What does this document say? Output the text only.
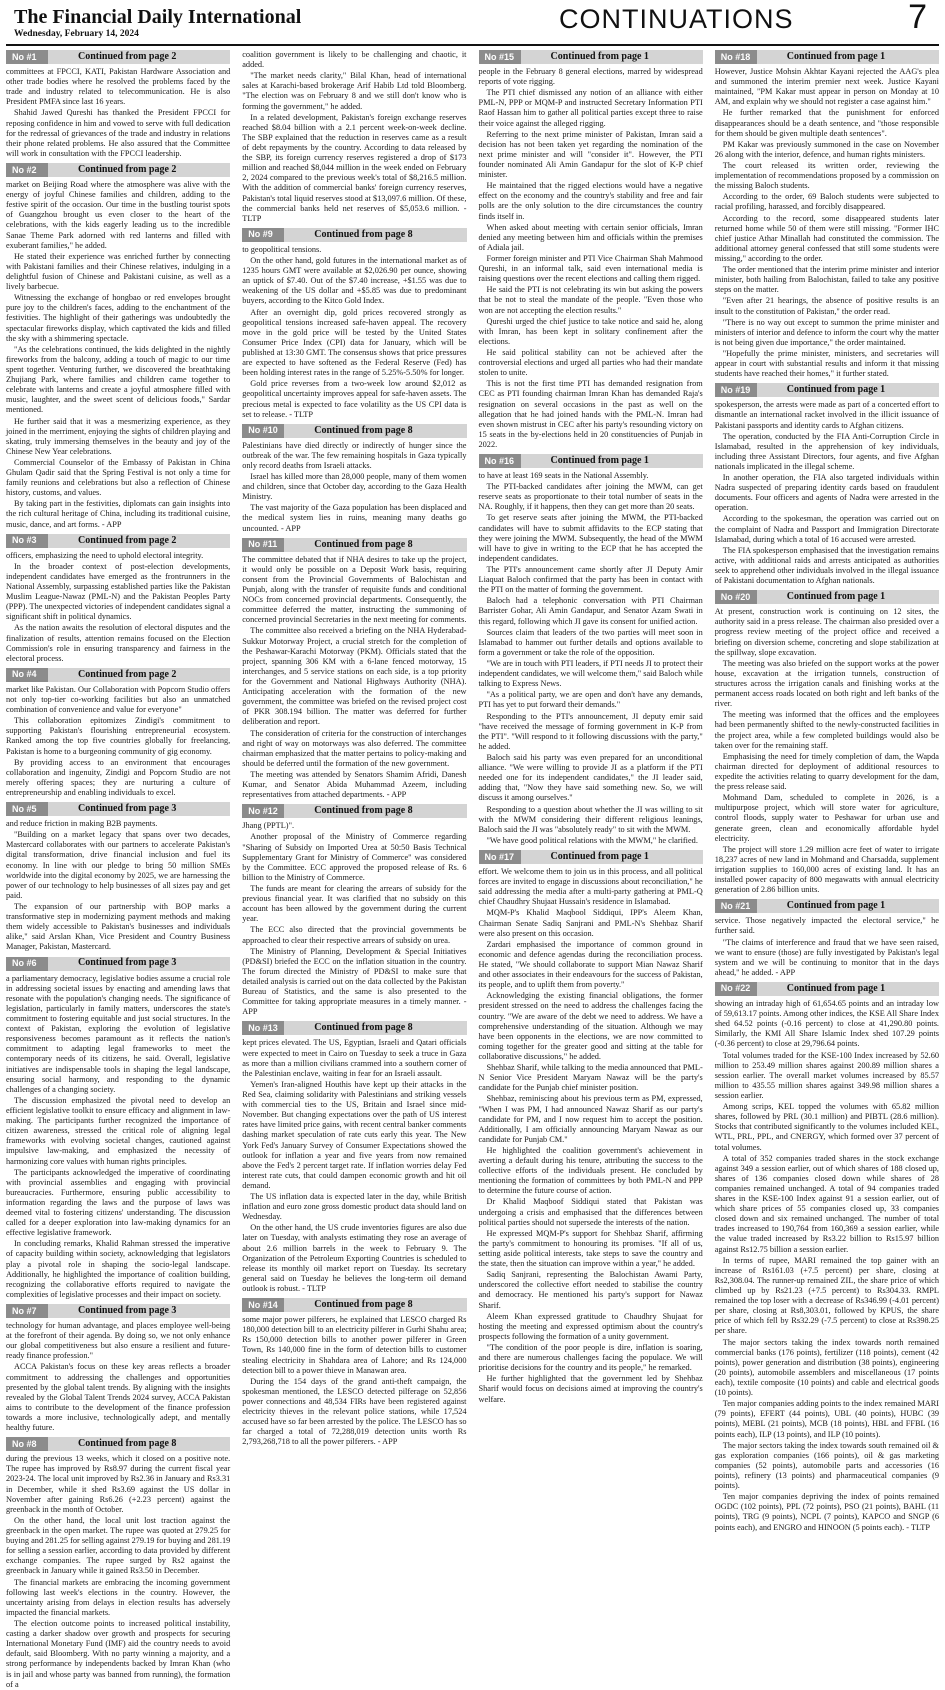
The Financial Daily International
Wednesday, February 14, 2024	CONTINUATIONS	7
No #1	Continued from page 2

committees at FPCCI, KATI, Pakistan Hardware Association and other trade bodies where he resolved the problems faced by the trade and industry related to telecommunication. He is also President PMFA since last 16 years.

Shahid Jawed Qureshi has thanked the President FPCCI for reposing confidence in him and vowed to serve with full dedication for the redressal of grievances of the trade and industry in relations their phone related problems. He also assured that the Committee will work in consultation with the FPCCI leadership.

No #2	Continued from page 2

market on Beijing Road where the atmosphere was alive with the energy of joyful Chinese families and children, adding to the festive spirit of the occasion. Our time in the bustling tourist spots of Guangzhou brought us even closer to the heart of the celebrations, with the kids eagerly leading us to the incredible Sanae Theme Park adorned with red lanterns and filled with exuberant families," he added.

He stated their experience was enriched further by connecting with Pakistani families and their Chinese relatives, indulging in a delightful fusion of Chinese and Pakistani cuisine, as well as a lively barbecue.

Witnessing the exchange of hongbao or red envelopes brought pure joy to the children's faces, adding to the enchantment of the festivities. The highlight of their gatherings was undoubtedly the spectacular fireworks display, which captivated the kids and filled the sky with a shimmering spectacle.

"As the celebrations continued, the kids delighted in the nightly fireworks from the balcony, adding a touch of magic to our time spent together. Venturing further, we discovered the breathtaking Zhujiang Park, where families and children came together to celebrate with lanterns and create a joyful atmosphere filled with music, laughter, and the sweet scent of delicious foods," Sardar mentioned.

He further said that it was a mesmerizing experience, as they joined in the merriment, enjoying the sights of children playing and skating, truly immersing themselves in the beauty and joy of the Chinese New Year celebrations.

Commercial Counselor of the Embassy of Pakistan in China Ghulam Qadir said that the Spring Festival is not only a time for family reunions and celebrations but also a reflection of Chinese history, customs, and values.

By taking part in the festivities, diplomats can gain insights into the rich cultural heritage of China, including its traditional cuisine, music, dance, and art forms. - APP

No #3	Continued from page 2

officers, emphasizing the need to uphold electoral integrity.

In the broader context of post-election developments, independent candidates have emerged as the frontrunners in the National Assembly, surpassing established parties like the Pakistan Muslim League-Nawaz (PML-N) and the Pakistan Peoples Party (PPP). The unexpected victories of independent candidates signal a significant shift in political dynamics.

As the nation awaits the resolution of electoral disputes and the finalization of results, attention remains focused on the Election Commission's role in ensuring transparency and fairness in the electoral process.

No #4	Continued from page 2

market like Pakistan. Our Collaboration with Popcorn Studio offers not only top-tier co-working facilities but also an unmatched combination of convenience and value for everyone"

This collaboration epitomizes Zindigi's commitment to supporting Pakistan's flourishing entrepreneurial ecosystem. Ranked among the top five countries globally for freelancing, Pakistan is home to a burgeoning community of gig economy.

By providing access to an environment that encourages collaboration and ingenuity, Zindigi and Popcorn Studio are not merely offering spaces; they are nurturing a culture of entrepreneurship and enabling individuals to excel.

No #5	Continued from page 3

and reduce friction in making B2B payments.

"Building on a market legacy that spans over two decades, Mastercard collaborates with our partners to accelerate Pakistan's digital transformation, drive financial inclusion and fuel its economy. In line with our pledge to bring 50 million SMEs worldwide into the digital economy by 2025, we are harnessing the power of our technology to help businesses of all sizes pay and get paid.

The expansion of our partnership with BOP marks a transformative step in modernizing payment methods and making them widely accessible to Pakistan's businesses and individuals alike," said Arslan Khan, Vice President and Country Business Manager, Pakistan, Mastercard.

No #6	Continued from page 3

a parliamentary democracy, legislative bodies assume a crucial role in addressing societal issues by enacting and amending laws that resonate with the population's changing needs. The significance of legislation, particularly in family matters, underscores the state's commitment to fostering equitable and just social structures. In the context of Pakistan, exploring the evolution of legislative responsiveness becomes paramount as it reflects the nation's commitment to adapting legal frameworks to meet the contemporary needs of its citizens, he said. Overall, legislative initiatives are indispensable tools in shaping the legal landscape, ensuring social harmony, and responding to the dynamic challenges of a changing society.

The discussion emphasized the pivotal need to develop an efficient legislative toolkit to ensure efficacy and alignment in law-making. The participants further recognized the importance of citizen awareness, stressed the critical role of aligning legal frameworks with evolving societal changes, cautioned against impulsive law-making, and emphasized the necessity of harmonizing core values with human rights principles.

The participants acknowledged the imperative of coordinating with provincial assemblies and engaging with provincial bureaucracies. Furthermore, ensuring public accessibility to information regarding the laws and the purpose of laws was deemed vital to fostering citizens' understanding. The discussion called for a deeper exploration into law-making dynamics for an effective legislative framework.

In concluding remarks, Khalid Rahman stressed the imperative of capacity building within society, acknowledging that legislators play a pivotal role in shaping the socio-legal landscape. Additionally, he highlighted the importance of coalition building, recognizing the collaborative efforts required to navigate the complexities of legislative processes and their impact on society.

No #7	Continued from page 3

technology for human advantage, and places employee well-being at the forefront of their agenda. By doing so, we not only enhance our global competitiveness but also ensure a resilient and future-ready finance profession."

ACCA Pakistan's focus on these key areas reflects a broader commitment to addressing the challenges and opportunities presented by the global talent trends. By aligning with the insights revealed by the Global Talent Trends 2024 survey, ACCA Pakistan aims to contribute to the development of the finance profession towards a more inclusive, technologically adept, and mentally healthy future.

No #8	Continued from page 8

during the previous 13 weeks, which it closed on a positive note. The rupee has improved by Rs8.97 during the current fiscal year 2023-24. The local unit improved by Rs2.36 in January and Rs3.31 in December, while it shed Rs3.69 against the US dollar in November after gaining Rs6.26 (+2.23 percent) against the greenback in the month of October.

On the other hand, the local unit lost traction against the greenback in the open market. The rupee was quoted at 279.25 for buying and 281.25 for selling against 279.19 for buying and 281.19 for selling a session earlier, according to data provided by different exchange companies. The rupee surged by Rs2 against the greenback in January while it gained Rs3.50 in December.

The financial markets are embracing the incoming government following last week's elections in the country. However, the uncertainty arising from delays in election results has adversely impacted the financial markets.

The election outcome points to increased political instability, casting a darker shadow over growth and prospects for securing International Monetary Fund (IMF) aid the country needs to avoid default, said Bloomberg. With no party winning a majority, and a strong performance by independents backed by Imran Khan (who is in jail and whose party was banned from running), the formation of a

coalition government is likely to be challenging and chaotic, it added.

"The market needs clarity," Bilal Khan, head of international sales at Karachi-based brokerage Arif Habib Ltd told Bloomberg. "The election was on February 8 and we still don't know who is forming the government," he added.

In a related development, Pakistan's foreign exchange reserves reached $8.04 billion with a 2.1 percent week-on-week decline. The SBP explained that the reduction in reserves came as a result of debt repayments by the country. According to data released by the SBP, its foreign currency reserves registered a drop of $173 million and reached $8,044 million in the week ended on February 2, 2024 compared to the previous week's total of $8,216.5 million. With the addition of commercial banks' foreign currency reserves, Pakistan's total liquid reserves stood at $13,097.6 million. Of these, the commercial banks held net reserves of $5,053.6 million. - TLTP

No #9	Continued from page 8

to geopolitical tensions.

On the other hand, gold futures in the international market as of 1235 hours GMT were available at $2,026.90 per ounce, showing an uptick of $7.40. Out of the $7.40 increase, +$1.55 was due to weakening of the US dollar and +$5.85 was due to predominant buyers, according to the Kitco Gold Index.

After an overnight dip, gold prices recovered strongly as geopolitical tensions increased safe-haven appeal. The recovery move in the gold price will be tested by the United States Consumer Price Index (CPI) data for January, which will be published at 13:30 GMT. The consensus shows that price pressures are expected to have softened as the Federal Reserve (Fed) has been holding interest rates in the range of 5.25%-5.50% for longer.

Gold price reverses from a two-week low around $2,012 as geopolitical uncertainty improves appeal for safe-haven assets. The precious metal is expected to face volatility as the US CPI data is set to release. - TLTP

No #10	Continued from page 8

Palestinians have died directly or indirectly of hunger since the outbreak of the war. The few remaining hospitals in Gaza typically only record deaths from Israeli attacks.

Israel has killed more than 28,000 people, many of them women and children, since that October day, according to the Gaza Health Ministry.

The vast majority of the Gaza population has been displaced and the medical system lies in ruins, meaning many deaths go uncounted. - APP

No #11	Continued from page 8

The committee debated that if NHA desires to take up the project, it would only be possible on a Deposit Work basis, requiring consent from the Provincial Governments of Balochistan and Punjab, along with the transfer of requisite funds and conditional NOCs from concerned provincial departments. Consequently, the committee deferred the matter, instructing the summoning of concerned provincial Secretaries in the next meeting for comments.

The committee also received a briefing on the NHA Hyderabad-Sukkur Motorway Project, a crucial stretch for the completion of the Peshawar-Karachi Motorway (PKM). Officials stated that the project, spanning 306 KM with a 6-lane fenced motorway, 15 interchanges, and 5 service stations on each side, is a top priority for the Government and National Highways Authority (NHA). Anticipating acceleration with the formation of the new government, the committee was briefed on the revised project cost of PKR 308.194 billion. The matter was deferred for further deliberation and report.

The consideration of criteria for the construction of interchanges and right of way on motorways was also deferred. The committee chairman emphasized that the matter pertains to policy-making and should be deferred until the formation of the new government.

The meeting was attended by Senators Shamim Afridi, Danesh Kumar, and Senator Abida Muhammad Azeem, including representatives from attached departments. - APP

No #12	Continued from page 8

Jhang (PPTL)".

Another proposal of the Ministry of Commerce regarding "Sharing of Subsidy on Imported Urea at 50:50 Basis Technical Supplementary Grant for Ministry of Commerce" was considered by the Committee. ECC approved the proposed release of Rs. 6 billion to the Ministry of Commerce.

The funds are meant for clearing the arrears of subsidy for the previous financial year. It was clarified that no subsidy on this account has been allowed by the government during the current year.

The ECC also directed that the provincial governments be approached to clear their respective arrears of subsidy on urea.

The Ministry of Planning, Development & Special Initiatives (PD&SI) briefed the ECC on the inflation situation in the country. The forum directed the Ministry of PD&SI to make sure that detailed analysis is carried out on the data collected by the Pakistan Bureau of Statistics, and the same is also presented to the Committee for taking appropriate measures in a timely manner. - APP

No #13	Continued from page 8

kept prices elevated. The US, Egyptian, Israeli and Qatari officials were expected to meet in Cairo on Tuesday to seek a truce in Gaza as more than a million civilians crammed into a southern corner of the Palestinian enclave, waiting in fear for an Israeli assault.

Yemen's Iran-aligned Houthis have kept up their attacks in the Red Sea, claiming solidarity with Palestinians and striking vessels with commercial ties to the US, Britain and Israel since mid-November. But changing expectations over the path of US interest rates have limited price gains, with recent central banker comments dashing market speculation of rate cuts early this year. The New York Fed's January Survey of Consumer Expectations showed the outlook for inflation a year and five years from now remained above the Fed's 2 percent target rate. If inflation worries delay Fed interest rate cuts, that could dampen economic growth and hit oil demand.

The US inflation data is expected later in the day, while British inflation and euro zone gross domestic product data should land on Wednesday.

On the other hand, the US crude inventories figures are also due later on Tuesday, with analysts estimating they rose an average of about 2.6 million barrels in the week to February 9. The Organization of the Petroleum Exporting Countries is scheduled to release its monthly oil market report on Tuesday. Its secretary general said on Tuesday he believes the long-term oil demand outlook is robust. - TLTP

No #14	Continued from page 8

some major power pilferers, he explained that LESCO charged Rs 180,000 detection bill to an electricity pilferer in Gurhi Shahu area; Rs 150,000 detection bills to another power pilferer in Green Town, Rs 140,000 fine in the form of detection bills to customer stealing electricity in Shahdara area of Lahore; and Rs 124,000 detection bill to a power thieve in Manawan area.

During the 154 days of the grand anti-theft campaign, the spokesman mentioned, the LESCO detected pilferage on 52,856 power connections and 48,534 FIRs have been registered against electricity thieves in the relevant police stations, while 17,524 accused have so far been arrested by the police. The LESCO has so far charged a total of 72,288,019 detection units worth Rs 2,793,268,718 to all the power pilferers. - APP

No #15	Continued from page 1

people in the February 8 general elections, marred by widespread reports of vote rigging.

The PTI chief dismissed any notion of an alliance with either PML-N, PPP or MQM-P and instructed Secretary Information PTI Raof Hassan him to gather all political parties except three to raise their voice against the alleged rigging.

Referring to the next prime minister of Pakistan, Imran said a decision has not been taken yet regarding the nomination of the next prime minister and will "consider it". However, the PTI founder nominated Ali Amin Gandapur for the slot of K-P chief minister.

He maintained that the rigged elections would have a negative effect on the economy and the country's stability and free and fair polls are the only solution to the dire circumstances the country finds itself in.

When asked about meeting with certain senior officials, Imran denied any meeting between him and officials within the premises of Adiala jail.

Former foreign minister and PTI Vice Chairman Shah Mahmood Qureshi, in an informal talk, said even international media is raising questions over the recent elections and calling them rigged.

He said the PTI is not celebrating its win but asking the powers that be not to steal the mandate of the people. "Even those who won are not accepting the election results."

Qureshi urged the chief justice to take notice and said he, along with Imran, has been kept in solitary confinement after the elections.

He said political stability can not be achieved after the controversial elections and urged all parties who had their mandate stolen to unite.

This is not the first time PTI has demanded resignation from CEC as PTI founding chairman Imran Khan has demanded Raja's resignation on several occasions in the past as well on the allegation that he had joined hands with the PML-N. Imran had even shown mistrust in CEC after his party's resounding victory on 15 seats in the by-elections held in 20 constituencies of Punjab in 2022.

No #16	Continued from page 1

to have at least 169 seats in the National Assembly.

The PTI-backed candidates after joining the MWM, can get reserve seats as proportionate to their total number of seats in the NA. Roughly, if it happens, then they can get more than 20 seats.

To get reserve seats after joining the MWM, the PTI-backed candidates will have to submit affidavits to the ECP stating that they were joining the MWM. Subsequently, the head of the MWM will have to give in writing to the ECP that he has accepted the independent candidates.

The PTI's announcement came shortly after JI Deputy Amir Liaquat Baloch confirmed that the party has been in contact with the PTI on the matter of forming the government.

Baloch had a telephonic conversation with PTI Chairman Barrister Gohar, Ali Amin Gandapur, and Senator Azam Swati in this regard, following which JI gave its consent for unified action.

Sources claim that leaders of the two parties will meet soon in Islamabad to hammer out further details and options available to form a government or take the role of the opposition.

"We are in touch with PTI leaders, if PTI needs JI to protect their independent candidates, we will welcome them," said Baloch while talking to Express News.

"As a political party, we are open and don't have any demands, PTI has yet to put forward their demands."

Responding to the PTI's announcement, JI deputy emir said "have received the message of forming government in K-P from the PTI". "Will respond to it following discussions with the party," he added.

Baloch said his party was even prepared for an unconditional alliance. "We were willing to provide JI as a platform if the PTI needed one for its independent candidates," the JI leader said, adding that, "Now they have said something new. So, we will discuss it among ourselves."

Responding to a question about whether the JI was willing to sit with the MWM considering their different religious leanings, Baloch said the JI was "absolutely ready" to sit with the MWM.

"We have good political relations with the MWM," he clarified.

No #17	Continued from page 1

effort. We welcome them to join us in this process, and all political forces are invited to engage in discussions about reconciliation," he said addressing the media after a multi-party gathering at PML-Q chief Chaudhry Shujaat Hussain's residence in Islamabad.

MQM-P's Khalid Maqbool Siddiqui, IPP's Aleem Khan, Chairman Senate Sadiq Sanjrani and PML-N's Shehbaz Sharif were also present on this occasion.

Zardari emphasised the importance of common ground in economic and defence agendas during the reconciliation process. He stated, "We should collaborate to support Mian Nawaz Sharif and other associates in their endeavours for the success of Pakistan, its people, and to uplift them from poverty."

Acknowledging the existing financial obligations, the former president stressed on the need to address the challenges facing the country. "We are aware of the debt we need to address. We have a comprehensive understanding of the situation. Although we may have been opponents in the elections, we are now committed to coming together for the greater good and sitting at the table for collaborative discussions," he added.

Shehbaz Sharif, while talking to the media announced that PML-N Senior Vice President Maryam Nawaz will be the party's candidate for the Punjab chief minister position.

Shehbaz, reminiscing about his previous term as PM, expressed, "When I was PM, I had announced Nawaz Sharif as our party's candidate for PM, and I now request him to accept the position. Additionally, I am officially announcing Maryam Nawaz as our candidate for Punjab CM."

He highlighted the coalition government's achievement in averting a default during his tenure, attributing the success to the collective efforts of the individuals present. He concluded by mentioning the formation of committees by both PML-N and PPP to determine the future course of action.

Dr Khalid Maqboof Siddiqui stated that Pakistan was undergoing a crisis and emphasised that the differences between political parties should not supersede the interests of the nation.

He expressed MQM-P's support for Shehbaz Sharif, affirming the party's commitment to honouring its promises. "If all of us, setting aside political interests, take steps to save the country and the state, then the situation can improve within a year," he added.

Sadiq Sanjrani, representing the Balochistan Awami Party, underscored the collective effort needed to stabilise the country and democracy. He mentioned his party's support for Nawaz Sharif.

Aleem Khan expressed gratitude to Chaudhry Shujaat for hosting the meeting and expressed optimism about the country's prospects following the formation of a unity government.

"The condition of the poor people is dire, inflation is soaring, and there are numerous challenges facing the populace. We will prioritise decisions for the country and its people," he remarked.

He further highlighted that the government led by Shehbaz Sharif would focus on decisions aimed at improving the country's welfare.

No #18	Continued from page 1

However, Justice Mohsin Akhtar Kayani rejected the AAG's plea and summoned the interim premier next week. Justice Kayani maintained, "PM Kakar must appear in person on Monday at 10 AM, and explain why we should not register a case against him."

He further remarked that the punishment for enforced disappearances should be a death sentence, and "those responsible for them should be given multiple death sentences".

PM Kakar was previously summoned in the case on November 26 along with the interior, defence, and human rights ministers.

The court released its written order, reviewing the implementation of recommendations proposed by a commission on the missing Baloch students.

According to the order, 69 Baloch students were subjected to racial profiling, harassed, and forcibly disappeared.

According to the record, some disappeared students later returned home while 50 of them were still missing. "Former IHC chief justice Athar Minallah had constituted the commission. The additional attorney general confessed that still some students were missing," according to the order.

The order mentioned that the interim prime minister and interior minister, both hailing from Balochistan, failed to take any positive steps on the matter.

"Even after 21 hearings, the absence of positive results is an insult to the constitution of Pakistan," the order read.

"There is no way out except to summon the prime minister and ministers of interior and defence to inform the court why the matter is not being given due importance," the order maintained.

"Hopefully the prime minister, ministers, and secretaries will appear in court with substantial results and inform it that missing students have reached their homes," it further stated.

No #19	Continued from page 1

spokesperson, the arrests were made as part of a concerted effort to dismantle an international racket involved in the illicit issuance of Pakistani passports and identity cards to Afghan citizens.

The operation, conducted by the FIA Anti-Corruption Circle in Islamabad, resulted in the apprehension of key individuals, including three Assistant Directors, four agents, and five Afghan nationals implicated in the illegal scheme.

In another operation, the FIA also targeted individuals within Nadra suspected of preparing identity cards based on fraudulent documents. Four officers and agents of Nadra were arrested in the operation.

According to the spokesman, the operation was carried out on the complaint of Nadra and Passport and Immigration Directorate Islamabad, during which a total of 16 accused were arrested.

The FIA spokesperson emphasised that the investigation remains active, with additional raids and arrests anticipated as authorities seek to apprehend other individuals involved in the illegal issuance of Pakistani documentation to Afghan nationals.

No #20	Continued from page 1

At present, construction work is continuing on 12 sites, the authority said in a press release. The chairman also presided over a progress review meeting of the project office and received a briefing on diversion scheme, concreting and slope stabilization at the spillway, slope excavation.

The meeting was also briefed on the support works at the power house, excavation at the irrigation tunnels, construction of structures across the irrigation canals and finishing works at the permanent access roads located on both right and left banks of the river.

The meeting was informed that the offices and the employees had been permanently shifted to the newly-constructed facilities in the project area, while a few completed buildings would also be taken over for the remaining staff.

Emphasising the need for timely completion of dam, the Wapda chairman directed for deployment of additional resources to expedite the activities relating to quarry development for the dam, the press release said.

Mohmand Dam, scheduled to complete in 2026, is a multipurpose project, which will store water for agriculture, control floods, supply water to Peshawar for urban use and generate green, clean and economically affordable hydel electricity.

The project will store 1.29 million acre feet of water to irrigate 18,237 acres of new land in Mohmand and Charsadda, supplement irrigation supplies to 160,000 acres of existing land. It has an installed power capacity of 800 megawatts with annual electricity generation of 2.86 billion units.

No #21	Continued from page 1

service. Those negatively impacted the electoral service," he further said.

"The claims of interference and fraud that we have seen raised, we want to ensure (those) are fully investigated by Pakistan's legal system and we will be continuing to monitor that in the days ahead," he added. - APP

No #22	Continued from page 1

showing an intraday high of 61,654.65 points and an intraday low of 59,613.17 points. Among other indices, the KSE All Share Index shed 64.52 points (-0.16 percent) to close at 41,290.80 points. Similarly, the KMI All Share Islamic Index shed 107.29 points (-0.36 percent) to close at 29,796.64 points.

Total volumes traded for the KSE-100 Index increased by 52.60 million to 253.49 million shares against 200.89 million shares a session earlier. The overall market volumes increased by 85.57 million to 435.55 million shares against 349.98 million shares a session earlier.

Among scrips, KEL topped the volumes with 65.82 million shares, followed by PRL (30.1 million) and PIBTL (28.6 million). Stocks that contributed significantly to the volumes included KEL, WTL, PRL, PPL, and CNERGY, which formed over 37 percent of total volumes.

A total of 352 companies traded shares in the stock exchange against 349 a session earlier, out of which shares of 188 closed up, shares of 136 companies closed down while shares of 28 companies remained unchanged. A total of 94 companies traded shares in the KSE-100 Index against 91 a session earlier, out of which share prices of 55 companies closed up, 33 companies closed down and six remained unchanged. The number of total trades increased to 190,764 from 160,369 a session earlier, while the value traded increased by Rs3.22 billion to Rs15.97 billion against Rs12.75 billion a session earlier.

In terms of rupee, MARI remained the top gainer with an increase of Rs161.03 (+7.5 percent) per share, closing at Rs2,308.04. The runner-up remained ZIL, the share price of which climbed up by Rs21.23 (+7.5 percent) to Rs304.33. RMPL remained the top loser with a decrease of Rs346.99 (-4.01 percent) per share, closing at Rs8,303.01, followed by KPUS, the share price of which fell by Rs32.29 (-7.5 percent) to close at Rs398.25 per share.

The major sectors taking the index towards north remained commercial banks (176 points), fertilizer (118 points), cement (42 points), power generation and distribution (38 points), engineering (20 points), automobile assemblers and miscellaneous (17 points each), textile composite (10 points) and cable and electrical goods (10 points).

Ten major companies adding points to the index remained MARI (79 points), EFERT (44 points), UBL (40 points), HUBC (39 points), MEBL (21 points), MCB (18 points), HBL and FFBL (16 points each), ILP (13 points), and ILP (10 points).

The major sectors taking the index towards south remained oil & gas exploration companies (166 points), oil & gas marketing companies (52 points), automobile parts and accessories (16 points), refinery (13 points) and pharmaceutical companies (9 points).

Ten major companies depriving the index of points remained OGDC (102 points), PPL (72 points), PSO (21 points), BAHL (11 points), TRG (9 points), NCPL (7 points), KAPCO and SNGP (6 points each), and ENGRO and HINOON (5 points each). - TLTP
